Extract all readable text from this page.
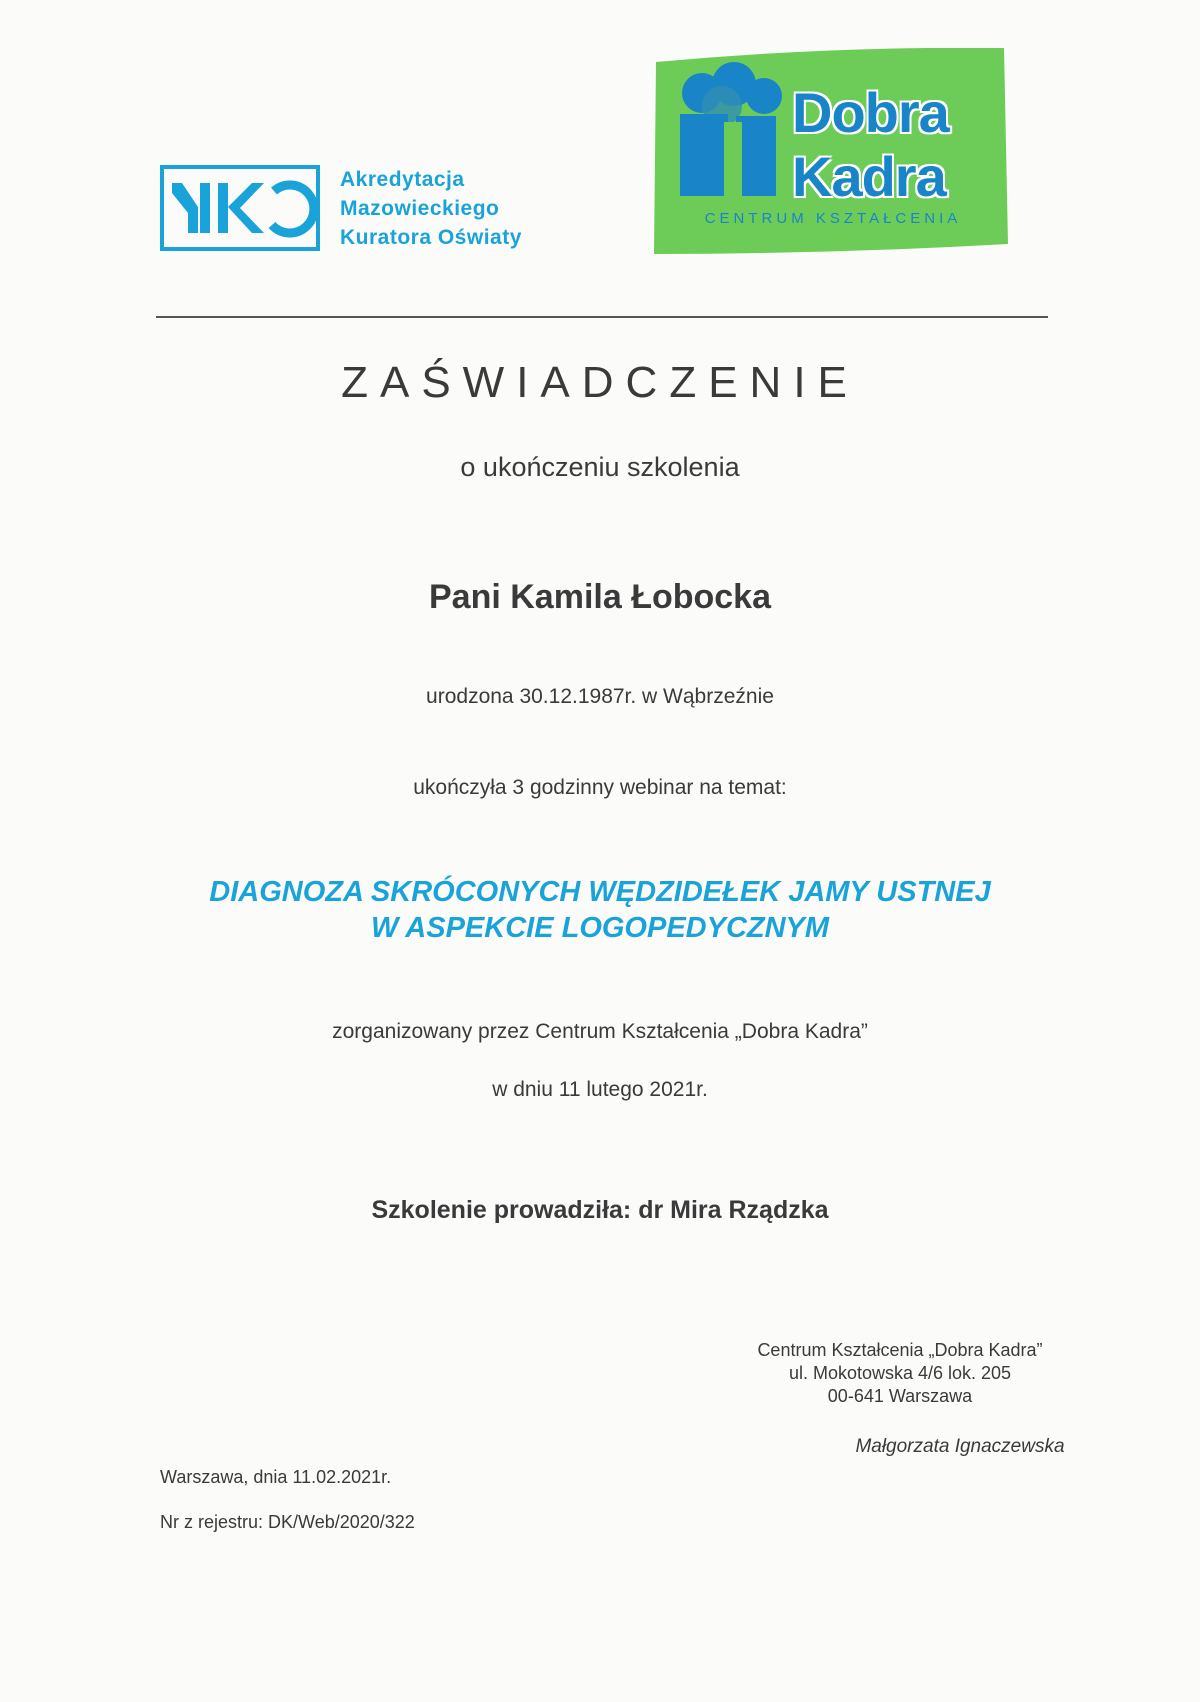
Akredytacja
Mazowieckiego
Kuratora Oświaty
Dobra
Kadra
CENTRUM KSZTAŁCENIA
ZAŚWIADCZENIE
o ukończeniu szkolenia
Pani Kamila Łobocka
urodzona 30.12.1987r. w Wąbrzeźnie
ukończyła 3 godzinny webinar na temat:
DIAGNOZA SKRÓCONYCH WĘDZIDEŁEK JAMY USTNEJ
W ASPEKCIE LOGOPEDYCZNYM
zorganizowany przez Centrum Kształcenia „Dobra Kadra”
w dniu 11 lutego 2021r.
Szkolenie prowadziła: dr Mira Rządzka
Centrum Kształcenia „Dobra Kadra”
ul. Mokotowska 4/6 lok. 205
00-641 Warszawa
Małgorzata Ignaczewska
Warszawa, dnia 11.02.2021r.
Nr z rejestru: DK/Web/2020/322
